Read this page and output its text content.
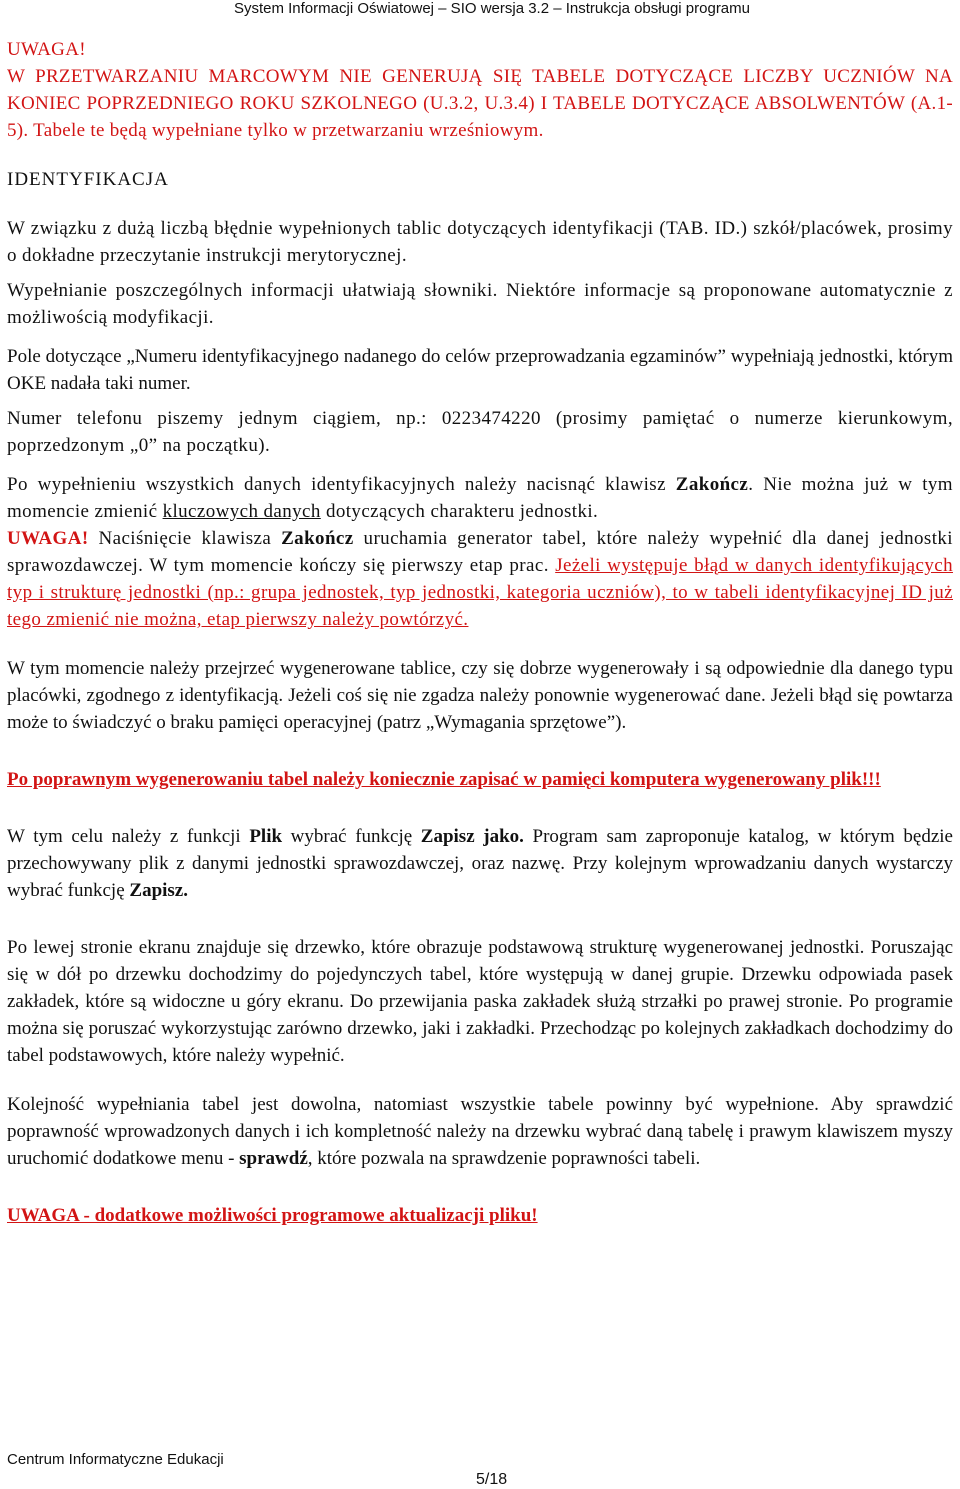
System Informacji Oświatowej – SIO wersja 3.2 – Instrukcja obsługi programu

UWAGA!

W PRZETWARZANIU MARCOWYM NIE GENERUJĄ SIĘ TABELE DOTYCZĄCE LICZBY UCZNIÓW NA KONIEC POPRZEDNIEGO ROKU SZKOLNEGO (U.3.2, U.3.4) I TABELE DOTYCZĄCE ABSOLWENTÓW (A.1-5). Tabele te będą wypełniane tylko w przetwarzaniu wrześniowym.

IDENTYFIKACJA

W związku z dużą liczbą błędnie wypełnionych tablic dotyczących identyfikacji (TAB. ID.) szkół/placówek, prosimy o dokładne przeczytanie instrukcji merytorycznej.

Wypełnianie poszczególnych informacji ułatwiają słowniki. Niektóre informacje są proponowane automatycznie z możliwością modyfikacji.

Pole dotyczące „Numeru identyfikacyjnego nadanego do celów przeprowadzania egzaminów” wypełniają jednostki, którym OKE nadała taki numer.

Numer telefonu piszemy jednym ciągiem, np.: 0223474220 (prosimy pamiętać o numerze kierunkowym, poprzedzonym „0” na początku).

Po wypełnieniu wszystkich danych identyfikacyjnych należy nacisnąć klawisz Zakończ. Nie można już w tym momencie zmienić kluczowych danych dotyczących charakteru jednostki.
UWAGA! Naciśnięcie klawisza Zakończ uruchamia generator tabel, które należy wypełnić dla danej jednostki sprawozdawczej. W tym momencie kończy się pierwszy etap prac. Jeżeli występuje błąd w danych identyfikujących typ i strukturę jednostki (np.: grupa jednostek, typ jednostki, kategoria uczniów), to w tabeli identyfikacyjnej ID już tego zmienić nie można, etap pierwszy należy powtórzyć.

W tym momencie należy przejrzeć wygenerowane tablice, czy się dobrze wygenerowały i są odpowiednie dla danego typu placówki, zgodnego z identyfikacją. Jeżeli coś się nie zgadza należy ponownie wygenerować dane. Jeżeli błąd się powtarza może to świadczyć o braku pamięci operacyjnej (patrz „Wymagania sprzętowe”).

Po poprawnym wygenerowaniu tabel należy koniecznie zapisać w pamięci komputera wygenerowany plik!!!

W tym celu należy z funkcji Plik wybrać funkcję Zapisz jako. Program sam zaproponuje katalog, w którym będzie przechowywany plik z danymi jednostki sprawozdawczej, oraz nazwę. Przy kolejnym wprowadzaniu danych wystarczy wybrać funkcję Zapisz.

Po lewej stronie ekranu znajduje się drzewko, które obrazuje podstawową strukturę wygenerowanej jednostki. Poruszając się w dół po drzewku dochodzimy do pojedynczych tabel, które występują w danej grupie. Drzewku odpowiada pasek zakładek, które są widoczne u góry ekranu. Do przewijania paska zakładek służą strzałki po prawej stronie. Po programie można się poruszać wykorzystując zarówno drzewko, jaki i zakładki. Przechodząc po kolejnych zakładkach dochodzimy do tabel podstawowych, które należy wypełnić.

Kolejność wypełniania tabel jest dowolna, natomiast wszystkie tabele powinny być wypełnione. Aby sprawdzić poprawność wprowadzonych danych i ich kompletność należy na drzewku wybrać daną tabelę i prawym klawiszem myszy uruchomić dodatkowe menu - sprawdź, które pozwala na sprawdzenie poprawności tabeli.

UWAGA - dodatkowe możliwości programowe aktualizacji pliku!

Centrum Informatyczne Edukacji
5/18
